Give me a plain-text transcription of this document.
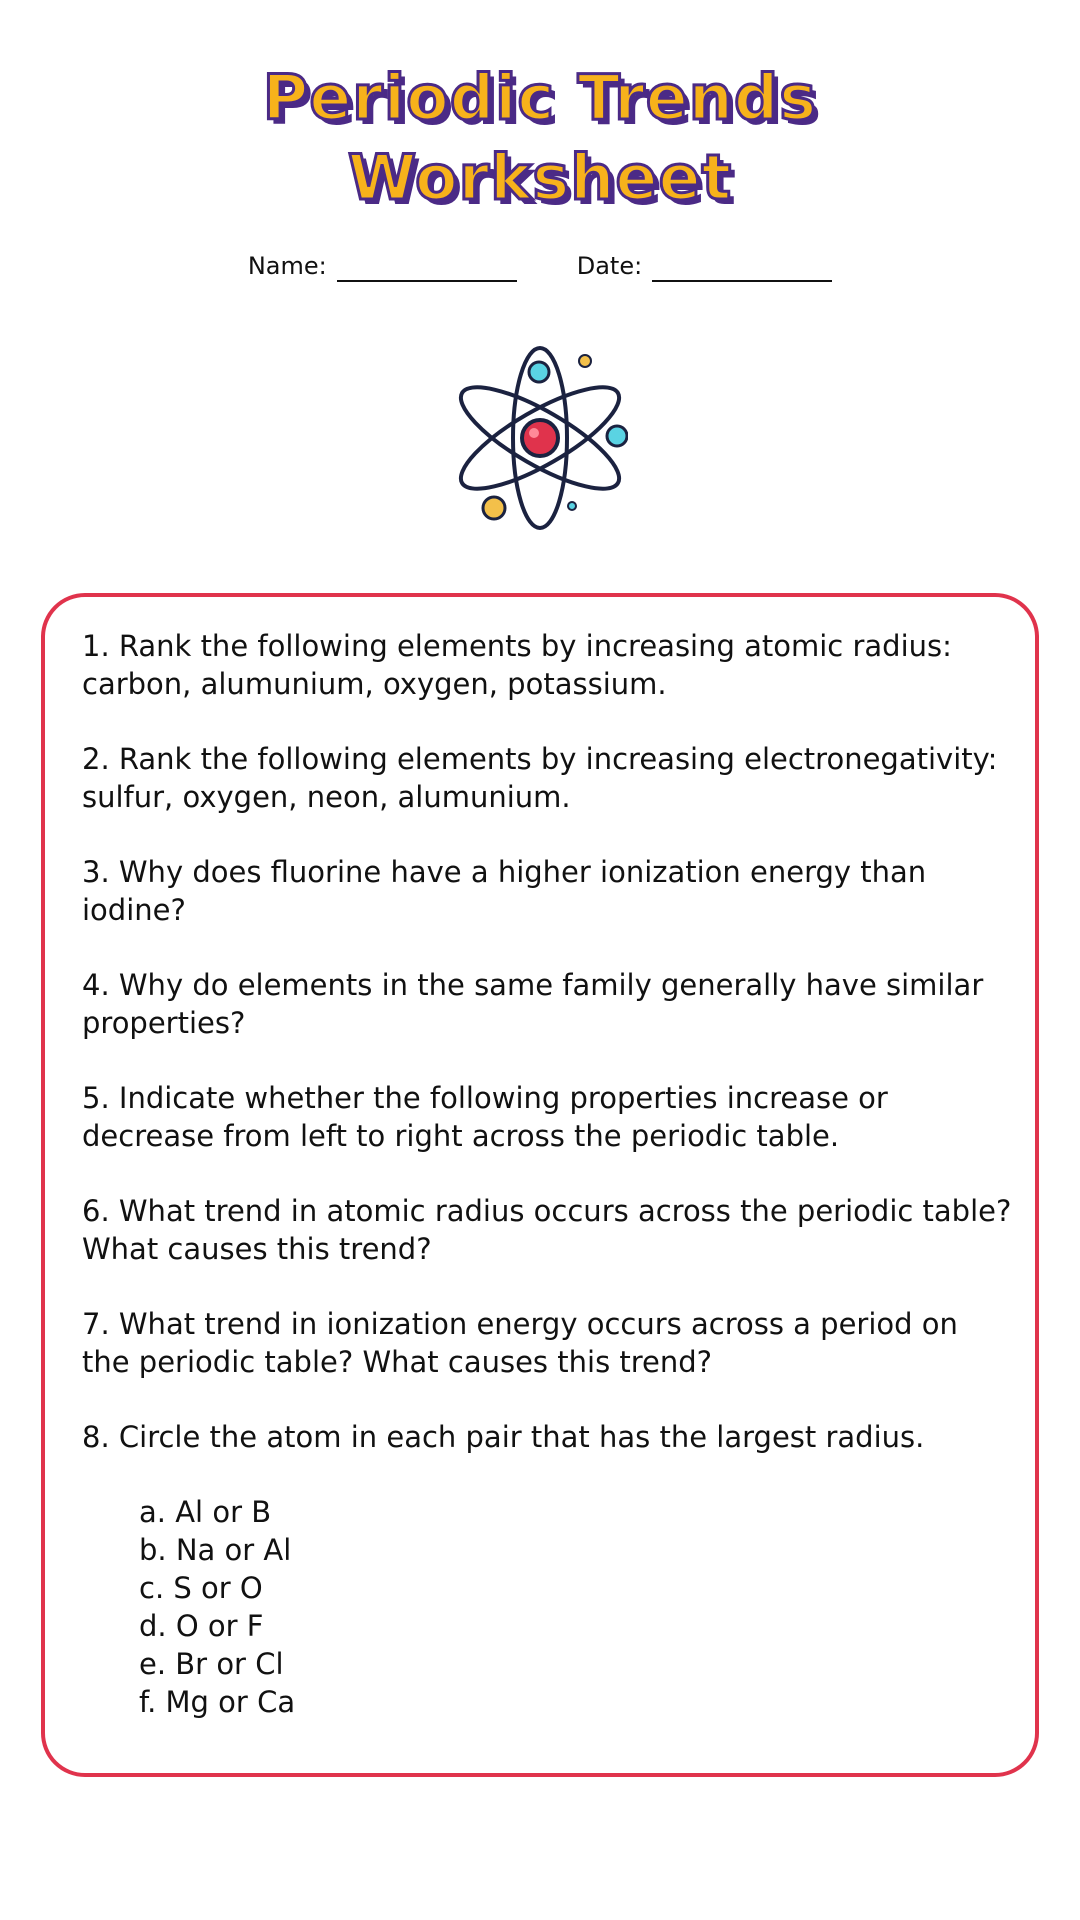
Periodic Trends
Worksheet
Name:	Date:

1. Rank the following elements by increasing atomic radius: carbon, alumunium, oxygen, potassium.

2. Rank the following elements by increasing electronegativity: sulfur, oxygen, neon, alumunium.

3. Why does fluorine have a higher ionization energy than iodine?

4. Why do elements in the same family generally have similar properties?

5. Indicate whether the following properties increase or decrease from left to right across the periodic table.

6. What trend in atomic radius occurs across the periodic table? What causes this trend?

7. What trend in ionization energy occurs across a period on the periodic table? What causes this trend?

8. Circle the atom in each pair that has the largest radius.

a. Al or B
b. Na or Al
c. S or O
d. O or F
e. Br or Cl
f. Mg or Ca
